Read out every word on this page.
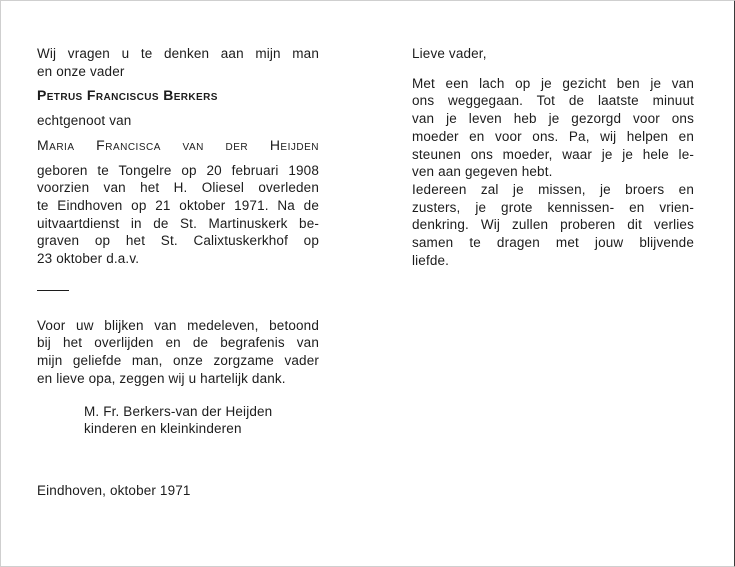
Wij vragen u te denken aan mijn man
en onze vader
Petrus Franciscus Berkers
echtgenoot van
Maria Francisca van der Heijden
geboren te Tongelre op 20 februari 1908
voorzien van het H. Oliesel overleden
te Eindhoven op 21 oktober 1971. Na de
uitvaartdienst in de St. Martinuskerk be-
graven op het St. Calixtuskerkhof op
23 oktober d.a.v.
Voor uw blijken van medeleven, betoond
bij het overlijden en de begrafenis van
mijn geliefde man, onze zorgzame vader
en lieve opa, zeggen wij u hartelijk dank.
M. Fr. Berkers-van der Heijden
kinderen en kleinkinderen
Eindhoven, oktober 1971
Lieve vader,
Met een lach op je gezicht ben je van
ons weggegaan. Tot de laatste minuut
van je leven heb je gezorgd voor ons
moeder en voor ons. Pa, wij helpen en
steunen ons moeder, waar je je hele le-
ven aan gegeven hebt.
Iedereen zal je missen, je broers en
zusters, je grote kennissen- en vrien-
denkring. Wij zullen proberen dit verlies
samen te dragen met jouw blijvende
liefde.
